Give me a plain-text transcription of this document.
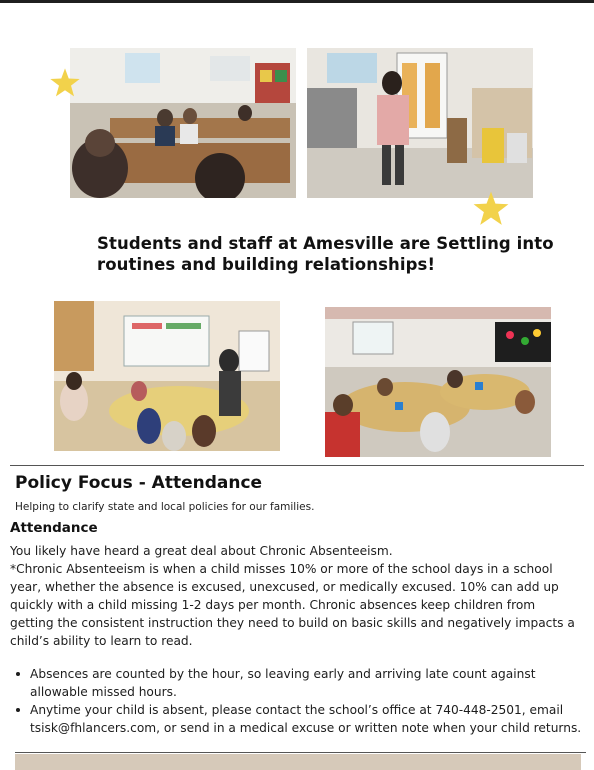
Students and staff at Amesville are Settling into routines and building relationships!
Policy Focus - Attendance
Helping to clarify state and local policies for our families.
Attendance

You likely have heard a great deal about Chronic Absenteeism.

*Chronic Absenteeism is when a child misses 10% or more of the school days in a school year, whether the absence is excused, unexcused, or medically excused. 10% can add up quickly with a child missing 1-2 days per month. Chronic absences keep children from getting the consistent instruction they need to build on basic skills and negatively impacts a child’s ability to learn to read.

Absences are counted by the hour, so leaving early and arriving late count against allowable missed hours.
Anytime your child is absent, please contact the school’s office at 740-448-2501, email tsisk@fhlancers.com, or send in a medical excuse or written note when your child returns.
